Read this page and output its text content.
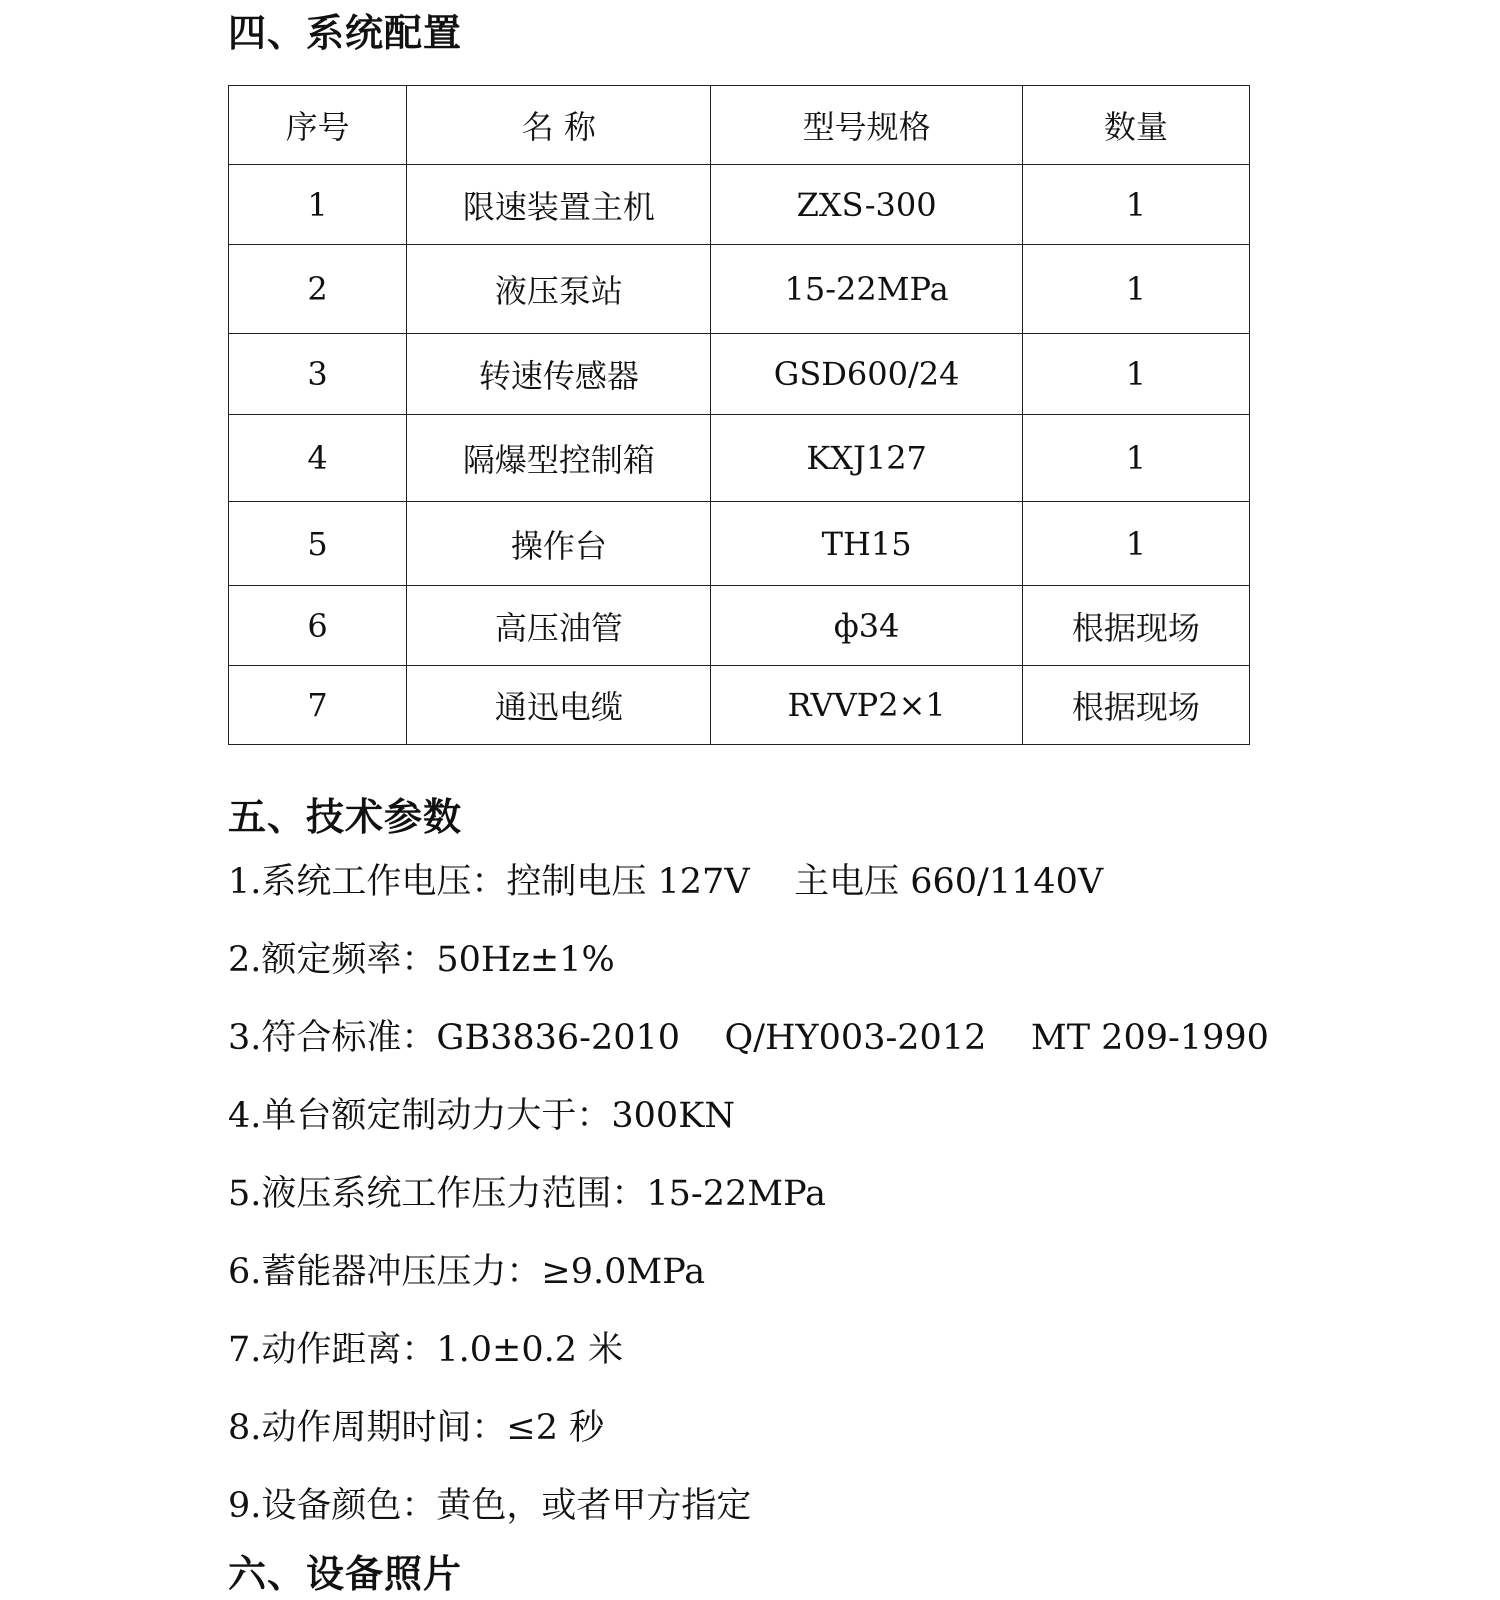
四、系统配置
序号	名 称	型号规格	数量
1	限速装置主机	ZXS-300	1
2	液压泵站	15-22MPa	1
3	转速传感器	GSD600/24	1
4	隔爆型控制箱	KXJ127	1
5	操作台	TH15	1
6	高压油管	ф34	根据现场
7	通迅电缆	RVVP2×1	根据现场
五、技术参数
1.系统工作电压：控制电压 127V    主电压 660/1140V
2.额定频率：50Hz±1%
3.符合标准：GB3836-2010    Q/HY003-2012    MT 209-1990
4.单台额定制动力大于：300KN
5.液压系统工作压力范围：15-22MPa
6.蓄能器冲压压力：≥9.0MPa
7.动作距离：1.0±0.2 米
8.动作周期时间：≤2 秒
9.设备颜色：黄色，或者甲方指定
六、设备照片
